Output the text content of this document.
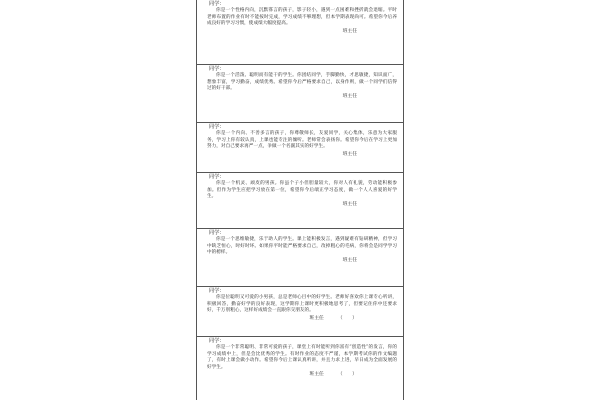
同学：

你是一个性格内向，沉默寡言的孩子，影子轻小，遇到一点困难和挫折就会退缩。平时老师布置的作业有时不能按时完成，学习成绩不够理想，但本学期表现尚可。希望你今后养成良好的学习习惯，使成绩大幅度提高。

班主任
同学：

你是一个活泼、聪明而有能干的学生。你团结同学，手脚勤快，才思敏捷，知识面广，想象丰富，学习勤奋，成绩优秀。希望你今后严格要求自己，以身作则，做一个同学们信得过的好干部。

班主任
同学：

你是一个内向、不善多言的孩子，你尊敬师长，友爱同学，关心集体，乐意为大家服务，学习上你有较认真，上课也能专注的倾听。老师常会表扬你。希望你今后在学习上更加努力，对自己要求再严一点，争做一个名副其实的好学生。

班主任
同学：

你是一个机灵、顽皮的男孩。你虽个子小但胆量较大，你对人有礼貌，劳动能积极参加。但作为学生应把学习放在第一位，希望你今后端正学习态度，做一个人人喜爱的好学生。

班主任
同学：

你是一个思维敏捷，乐于助人的学生。课上能积极发言，遇到疑难有钻研精神，但学习中缺乏恒心，时好时坏。如果你平时能严格要求自己，改掉粗心的毛病，你将会是同学学习中的榜样。

班主任
同学：

你是位聪明又可爱的小男孩，总是老师心目中的好学生。老师好喜欢你上课专心听讲，积极回答，勤奋好学的良好表现，这学期你上课时更积极地思考了，但要记住你中还要求好，千万别粗心，这样好成绩会一直跟你交朋友的。

班主任	（　　）
同学：

你是一个非常聪明、非常可爱的孩子，课堂上有时能听到你富有“创造性”的发言，你的学习成绩中上，但是会比优秀的学生。有时作业的态度不严谨，本学期考试你的作文编题了，有时上课会做小动作。希望你今后上课认真听讲，并且力求上进，早日成为全面发展的好学生。

班主任	（　　）
